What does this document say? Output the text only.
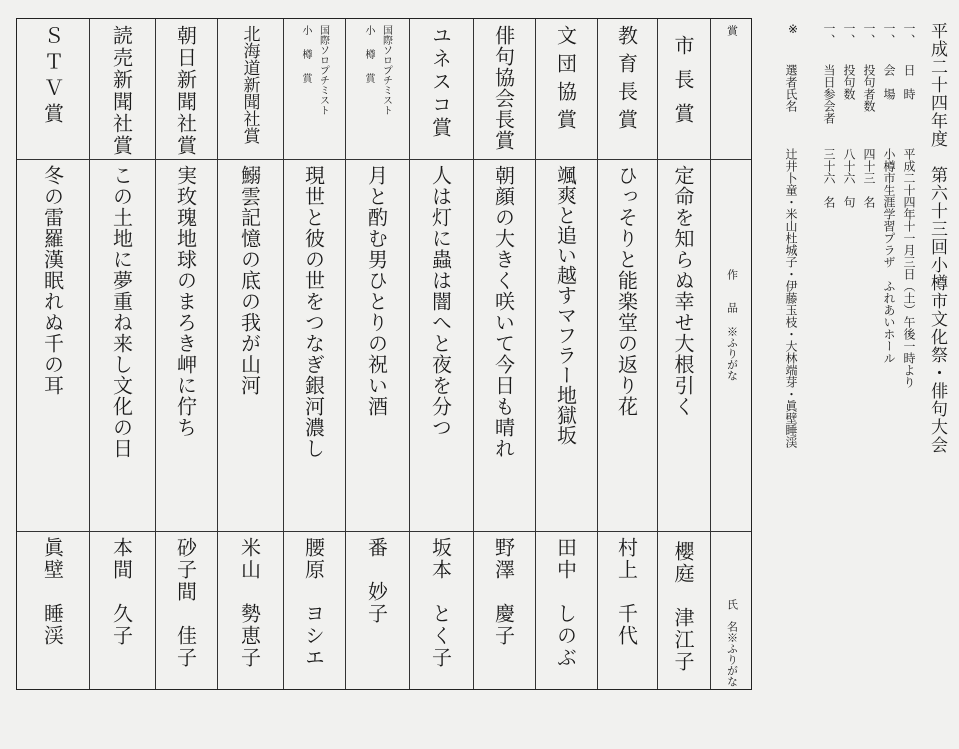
賞
作　　品 ※ふりがな
氏　名※ふりがな
市長賞
定命を知らぬ幸せ大根引く
櫻庭　津江子
教育長賞
ひっそりと能楽堂の返り花
村上　千代
文団協賞
颯爽と追い越すマフラー地獄坂
田中　しのぶ
俳句協会長賞
朝顔の大きく咲いて今日も晴れ
野澤　慶子
ユネスコ賞
人は灯に蟲は闇へと夜を分つ
坂本　とく子
小樽賞 国際ソロプチミスト
月と酌む男ひとりの祝い酒
番　妙子
小樽賞 国際ソロプチミスト
現世と彼の世をつなぎ銀河濃し
腰原　ヨシエ
北海道新聞社賞
鰯雲記憶の底の我が山河
米山　勢恵子
朝日新聞社賞
実玫瑰地球のまろき岬に佇ち
砂子間　佳子
読売新聞社賞
この土地に夢重ね来し文化の日
本間　久子
ＳＴＶ賞
冬の雷羅漢眠れぬ千の耳
眞壁　睡渓
平成二十四年度　第六十三回小樽市文化祭・俳句大会
一、
日　時
平成二十四年十一月三日（土）午後一時より
一、
会　場
小樽市生涯学習プラザ　ふれあいホール
一、
投句者数
四十三　名
一、
投句数
八十六　句
一、
当日参会者
三十六　名
※
選者氏名
辻井卜童・米山杜城子・伊藤玉枝・大林端芽・眞壁睡渓
